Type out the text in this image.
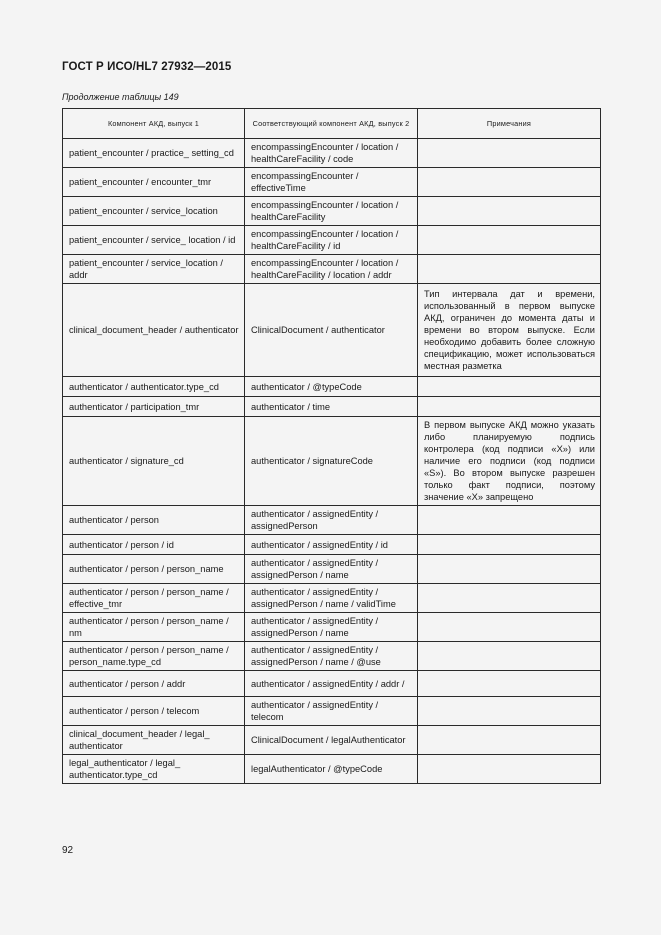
ГОСТ Р ИСО/HL7 27932—2015
Продолжение таблицы 149
Компонент АКД, выпуск 1	Соответствующий компонент АКД, выпуск 2	Примечания
patient_encounter / practice_ setting_cd	encompassingEncounter / location / healthCareFacility / code	
patient_encounter / encounter_tmr	encompassingEncounter / effectiveTime	
patient_encounter / service_location	encompassingEncounter / location / healthCareFacility	
patient_encounter / service_ location / id	encompassingEncounter / location / healthCareFacility / id	
patient_encounter / service_location / addr	encompassingEncounter / location / healthCareFacility / location / addr	
clinical_document_header / authenticator	ClinicalDocument / authenticator	Тип интервала дат и времени, использованный в первом выпуске АКД, ограничен до момента даты и времени во втором выпуске. Если необходимо добавить более сложную спецификацию, может использоваться местная разметка
authenticator / authenticator.type_cd	authenticator / @typeCode	
authenticator / participation_tmr	authenticator / time	
authenticator / signature_cd	authenticator / signatureCode	В первом выпуске АКД можно указать либо планируемую подпись контролера (код подписи «X») или наличие его подписи (код подписи «S»). Во втором выпуске разрешен только факт подписи, поэтому значение «X» запрещено
authenticator / person	authenticator / assignedEntity / assignedPerson	
authenticator / person / id	authenticator / assignedEntity / id	
authenticator / person / person_name	authenticator / assignedEntity / assignedPerson / name	
authenticator / person / person_name / effective_tmr	authenticator / assignedEntity / assignedPerson / name / validTime	
authenticator / person / person_name / nm	authenticator / assignedEntity / assignedPerson / name	
authenticator / person / person_name / person_name.type_cd	authenticator / assignedEntity / assignedPerson / name / @use	
authenticator / person / addr	authenticator / assignedEntity / addr /	
authenticator / person / telecom	authenticator / assignedEntity / telecom	
clinical_document_header / legal_ authenticator	ClinicalDocument / legalAuthenticator	
legal_authenticator / legal_ authenticator.type_cd	legalAuthenticator / @typeCode	
92
